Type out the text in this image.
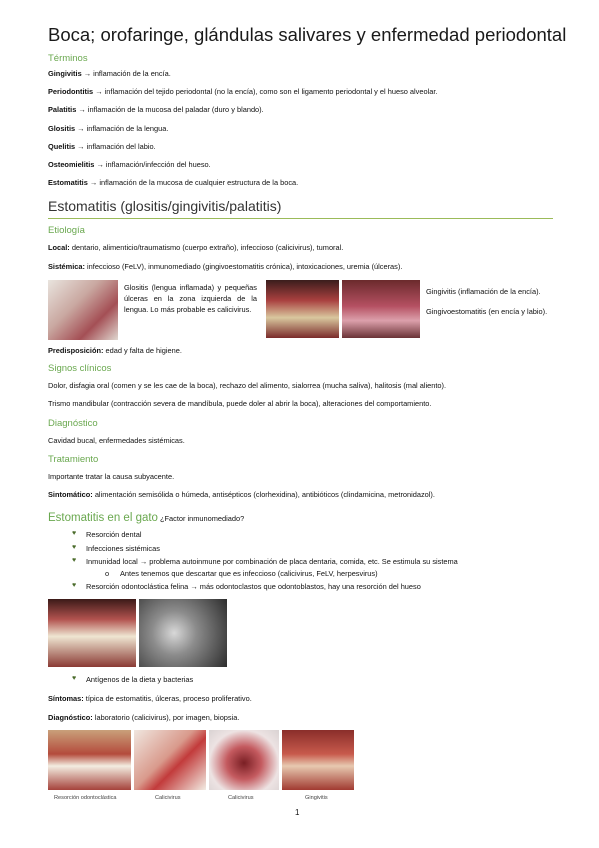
Boca; orofaringe, glándulas salivares y enfermedad periodontal
Términos
Gingivitis → inflamación de la encía.
Periodontitis → inflamación del tejido periodontal (no la encía), como son el ligamento periodontal y el hueso alveolar.
Palatitis → inflamación de la mucosa del paladar (duro y blando).
Glositis → inflamación de la lengua.
Quelitis → inflamación del labio.
Osteomielitis → inflamación/infección del hueso.
Estomatitis → inflamación de la mucosa de cualquier estructura de la boca.
Estomatitis (glositis/gingivitis/palatitis)
Etiología
Local: dentario, alimenticio/traumatismo (cuerpo extraño), infeccioso (calicivirus), tumoral.
Sistémica: infeccioso (FeLV), inmunomediado (gingivoestomatitis crónica), intoxicaciones, uremia (úlceras).
Glositis (lengua inflamada) y pequeñas úlceras en la zona izquierda de la lengua. Lo más probable es calicivirus.
Gingivitis (inflamación de la encía).
Gingivoestomatitis (en encía y labio).
Predisposición: edad y falta de higiene.
Signos clínicos
Dolor, disfagia oral (comen y se les cae de la boca), rechazo del alimento, sialorrea (mucha saliva), halitosis (mal aliento).
Trismo mandibular (contracción severa de mandíbula, puede doler al abrir la boca), alteraciones del comportamiento.
Diagnóstico
Cavidad bucal, enfermedades sistémicas.
Tratamiento
Importante tratar la causa subyacente.
Sintomático: alimentación semisólida o húmeda, antisépticos (clorhexidina), antibióticos (clindamicina, metronidazol).
Estomatitis en el gato ¿Factor inmunomediado?
♥ Resorción dental
♥ Infecciones sistémicas
♥ Inmunidad local → problema autoinmune por combinación de placa dentaria, comida, etc. Se estimula su sistema
o Antes tenemos que descartar que es infeccioso (calicivirus, FeLV, herpesvirus)
♥ Resorción odontoclástica felina → más odontoclastos que odontoblastos, hay una resorción del hueso
♥ Antígenos de la dieta y bacterias
Síntomas: típica de estomatitis, úlceras, proceso proliferativo.
Diagnóstico: laboratorio (calicivirus), por imagen, biopsia.
Resorción odontoclástica	Calicivirus	Calicivirus	Gingivitis
1
